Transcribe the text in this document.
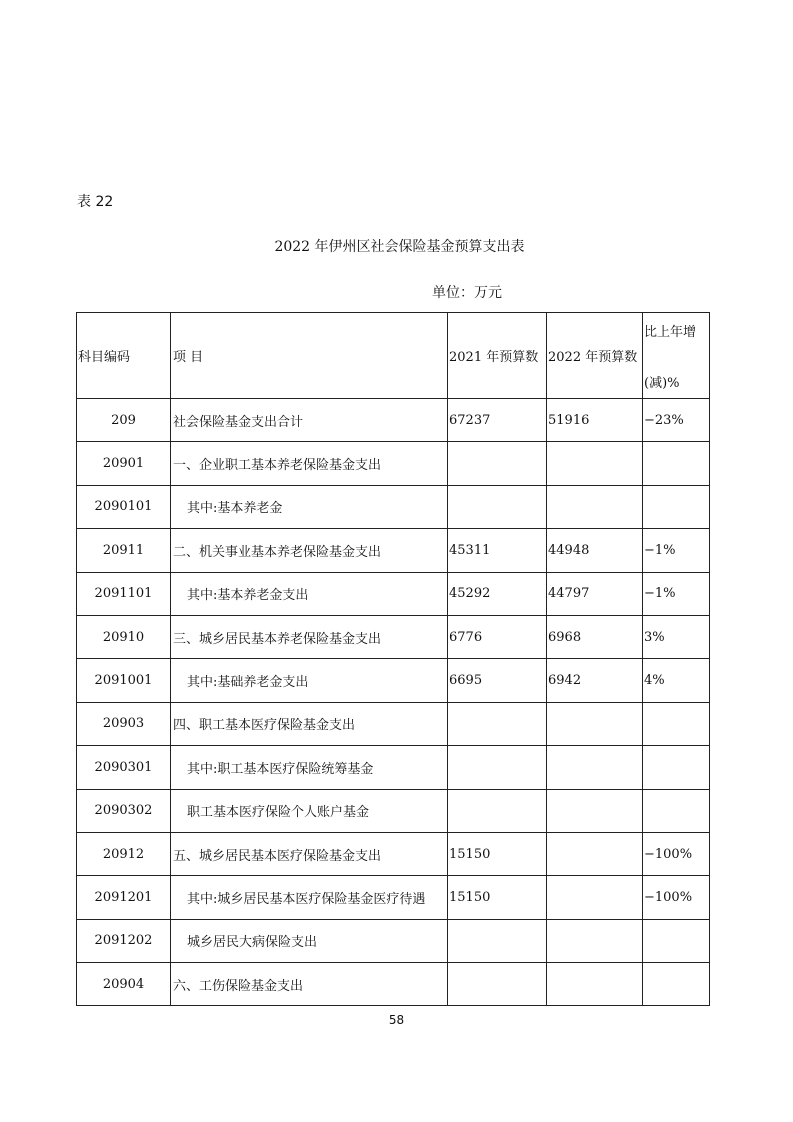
表 22
2022 年伊州区社会保险基金预算支出表
单位：万元
科目编码	项 目	2021 年预算数	2022 年预算数	比上年增
(减)%

209	社会保险基金支出合计	67237	51916	−23%
20901	一、企业职工基本养老保险基金支出			
2090101	其中:基本养老金			
20911	二、机关事业基本养老保险基金支出	45311	44948	−1%
2091101	其中:基本养老金支出	45292	44797	−1%
20910	三、城乡居民基本养老保险基金支出	6776	6968	3%
2091001	其中:基础养老金支出	6695	6942	4%
20903	四、职工基本医疗保险基金支出			
2090301	其中:职工基本医疗保险统筹基金			
2090302	职工基本医疗保险个人账户基金			
20912	五、城乡居民基本医疗保险基金支出	15150		−100%
2091201	其中:城乡居民基本医疗保险基金医疗待遇	15150		−100%
2091202	城乡居民大病保险支出			
20904	六、工伤保险基金支出			
58
